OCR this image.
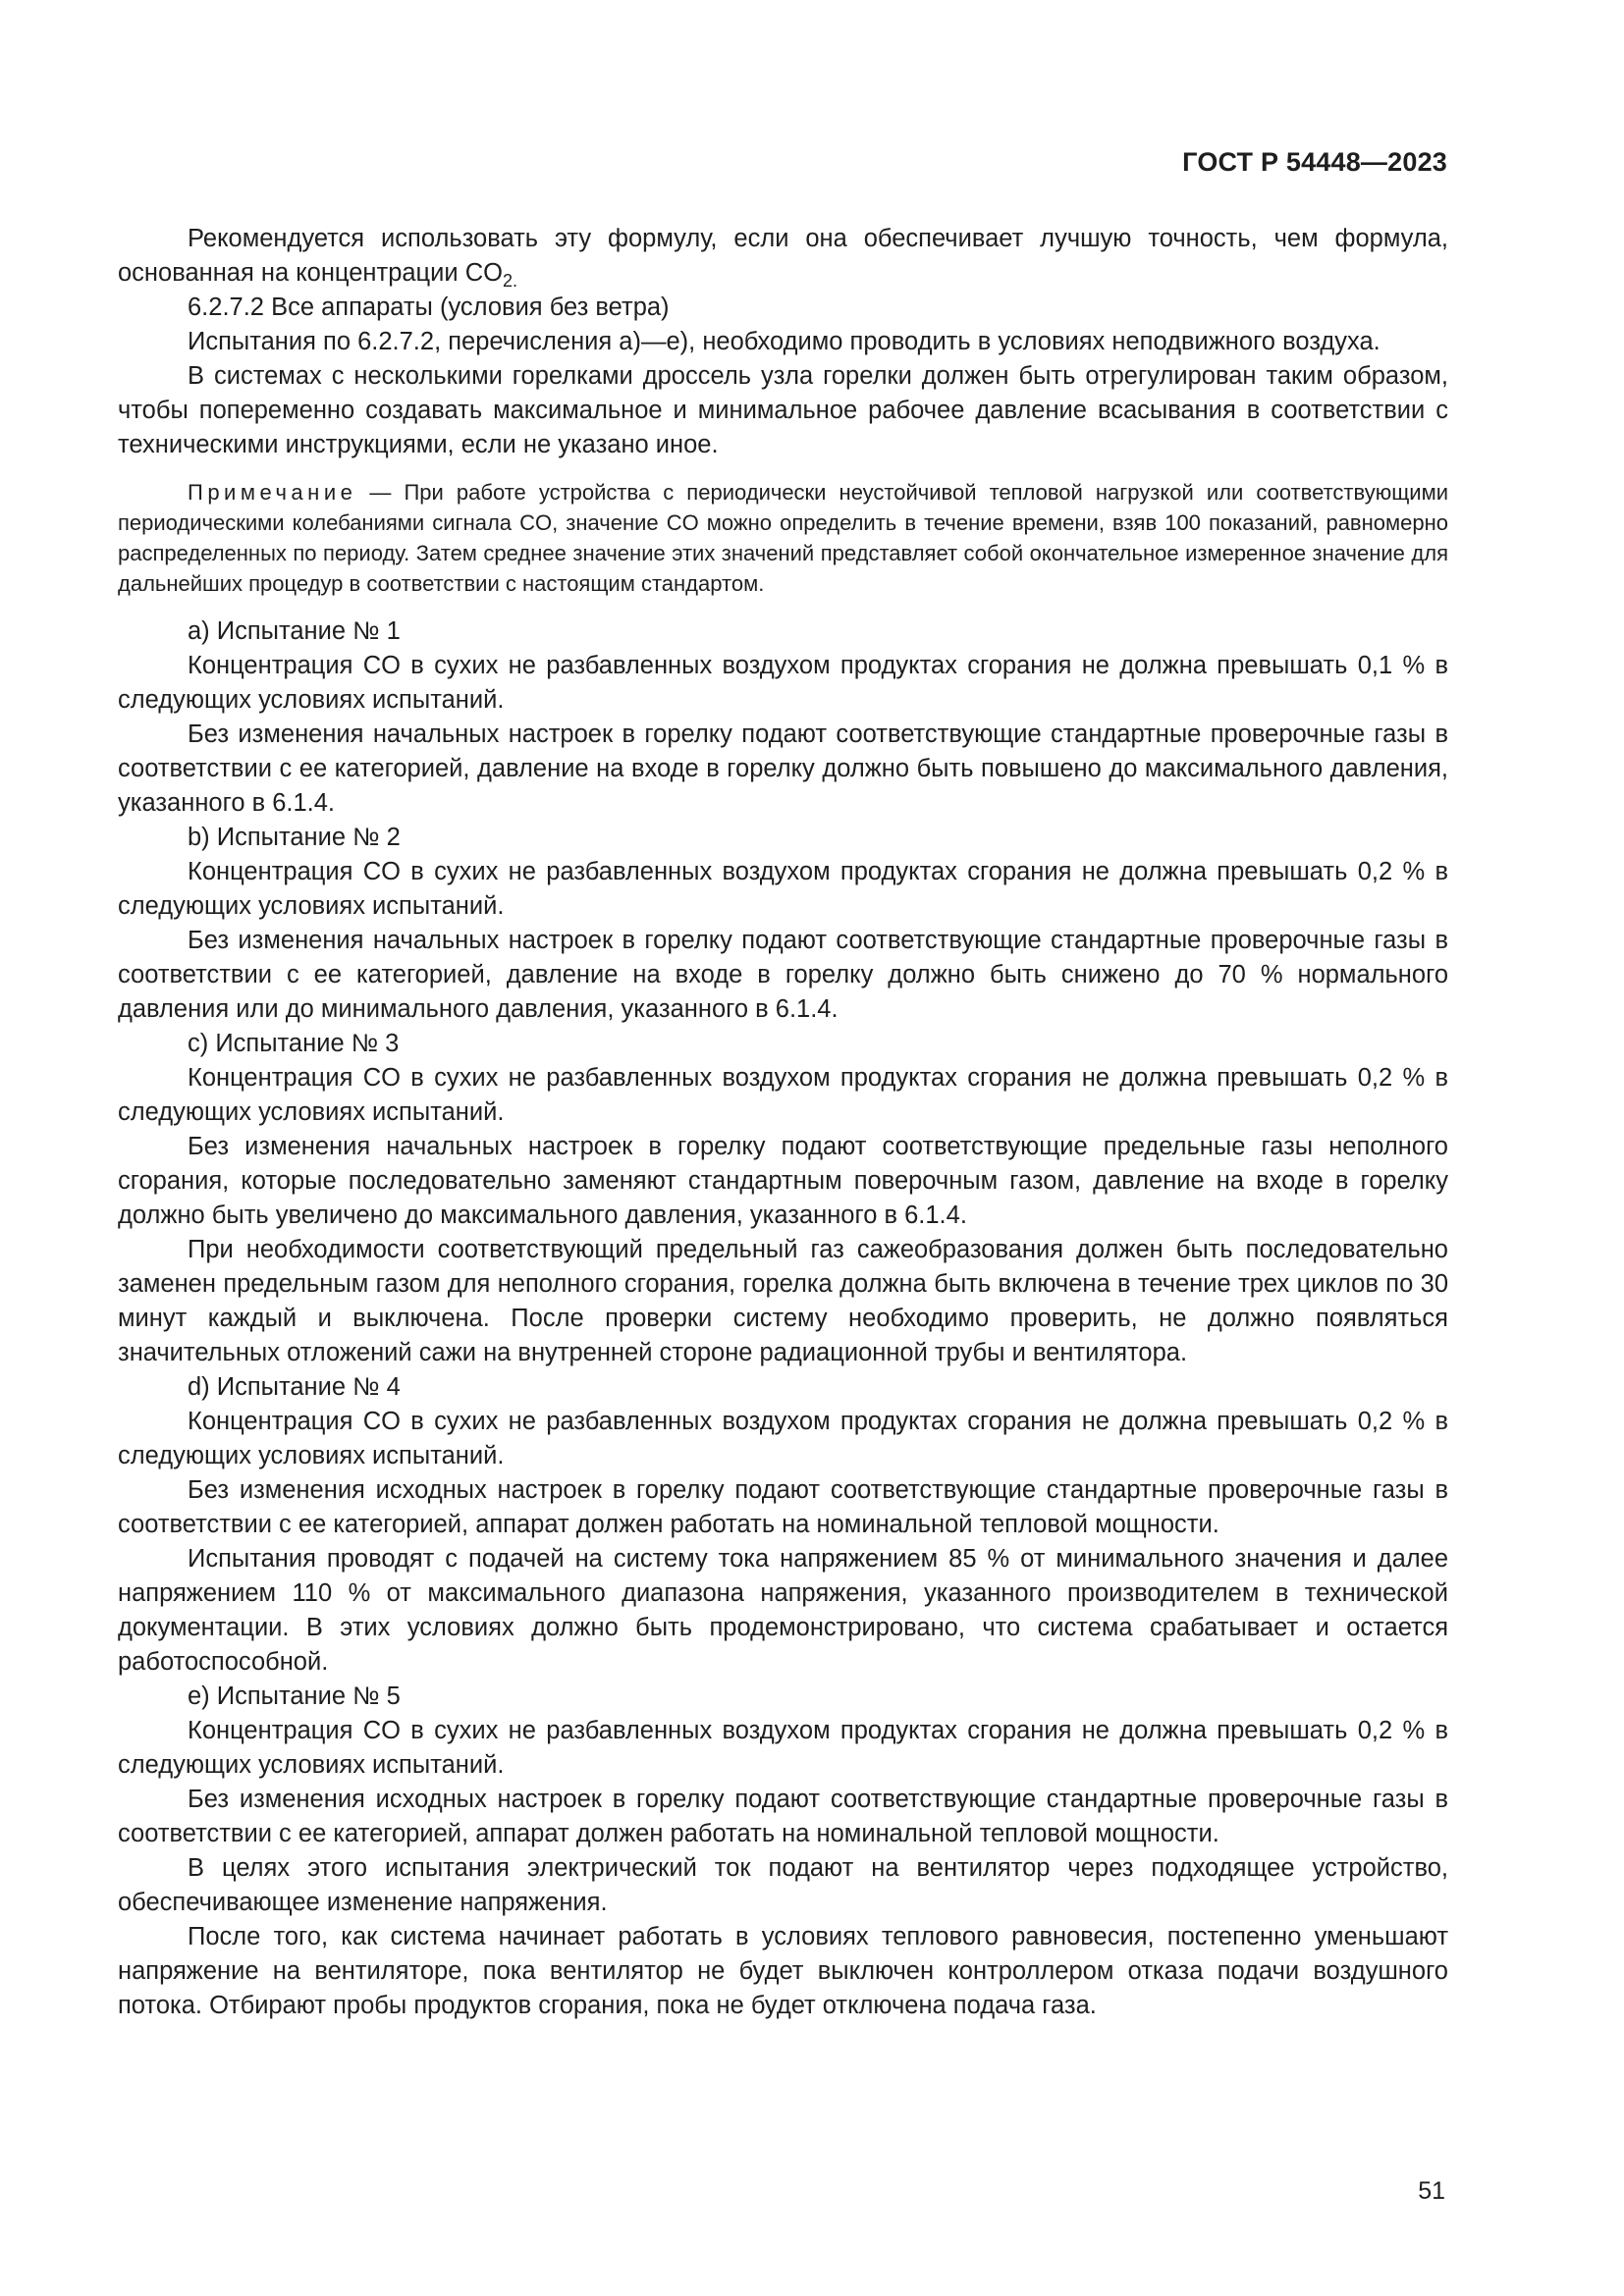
ГОСТ Р 54448—2023

Рекомендуется использовать эту формулу, если она обеспечивает лучшую точность, чем формула, основанная на концентрации $CO_{2.}$

6.2.7.2 Все аппараты (условия без ветра)

Испытания по 6.2.7.2, перечисления a)—e), необходимо проводить в условиях неподвижного воздуха.

В системах с несколькими горелками дроссель узла горелки должен быть отрегулирован таким образом, чтобы попеременно создавать максимальное и минимальное рабочее давление всасывания в соответствии с техническими инструкциями, если не указано иное.

Примечание — При работе устройства с периодически неустойчивой тепловой нагрузкой или соответствующими периодическими колебаниями сигнала CO, значение CO можно определить в течение времени, взяв 100 показаний, равномерно распределенных по периоду. Затем среднее значение этих значений представляет собой окончательное измеренное значение для дальнейших процедур в соответствии с настоящим стандартом.

a) Испытание № 1

Концентрация CO в сухих не разбавленных воздухом продуктах сгорания не должна превышать 0,1 % в следующих условиях испытаний.

Без изменения начальных настроек в горелку подают соответствующие стандартные проверочные газы в соответствии с ее категорией, давление на входе в горелку должно быть повышено до максимального давления, указанного в 6.1.4.

b) Испытание № 2

Концентрация CO в сухих не разбавленных воздухом продуктах сгорания не должна превышать 0,2 % в следующих условиях испытаний.

Без изменения начальных настроек в горелку подают соответствующие стандартные проверочные газы в соответствии с ее категорией, давление на входе в горелку должно быть снижено до 70 % нормального давления или до минимального давления, указанного в 6.1.4.

c) Испытание № 3

Концентрация CO в сухих не разбавленных воздухом продуктах сгорания не должна превышать 0,2 % в следующих условиях испытаний.

Без изменения начальных настроек в горелку подают соответствующие предельные газы неполного сгорания, которые последовательно заменяют стандартным поверочным газом, давление на входе в горелку должно быть увеличено до максимального давления, указанного в 6.1.4.

При необходимости соответствующий предельный газ сажеобразования должен быть последовательно заменен предельным газом для неполного сгорания, горелка должна быть включена в течение трех циклов по 30 минут каждый и выключена. После проверки систему необходимо проверить, не должно появляться значительных отложений сажи на внутренней стороне радиационной трубы и вентилятора.

d) Испытание № 4

Концентрация CO в сухих не разбавленных воздухом продуктах сгорания не должна превышать 0,2 % в следующих условиях испытаний.

Без изменения исходных настроек в горелку подают соответствующие стандартные проверочные газы в соответствии с ее категорией, аппарат должен работать на номинальной тепловой мощности.

Испытания проводят с подачей на систему тока напряжением 85 % от минимального значения и далее напряжением 110 % от максимального диапазона напряжения, указанного производителем в технической документации. В этих условиях должно быть продемонстрировано, что система срабатывает и остается работоспособной.

e) Испытание № 5

Концентрация CO в сухих не разбавленных воздухом продуктах сгорания не должна превышать 0,2 % в следующих условиях испытаний.

Без изменения исходных настроек в горелку подают соответствующие стандартные проверочные газы в соответствии с ее категорией, аппарат должен работать на номинальной тепловой мощности.

В целях этого испытания электрический ток подают на вентилятор через подходящее устройство, обеспечивающее изменение напряжения.

После того, как система начинает работать в условиях теплового равновесия, постепенно уменьшают напряжение на вентиляторе, пока вентилятор не будет выключен контроллером отказа подачи воздушного потока. Отбирают пробы продуктов сгорания, пока не будет отключена подача газа.

51
